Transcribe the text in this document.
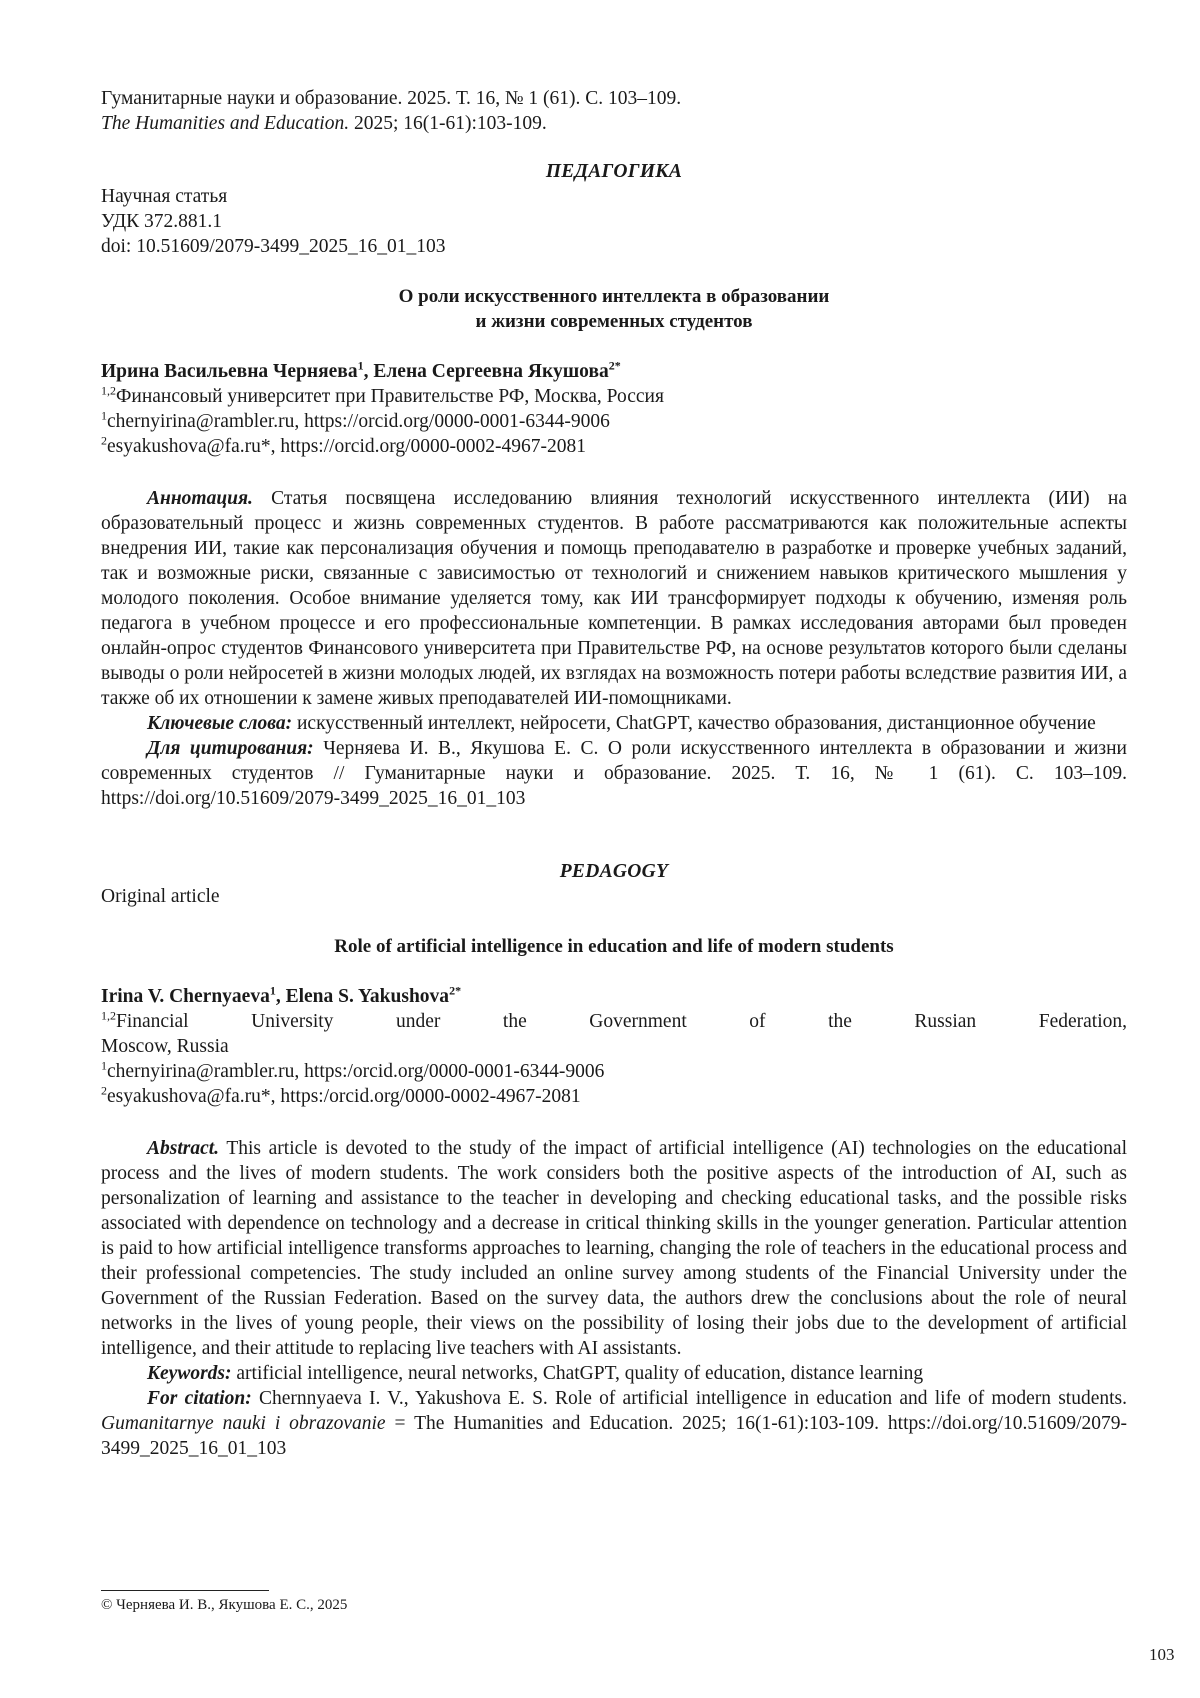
Гуманитарные науки и образование. 2025. Т. 16, № 1 (61). С. 103–109.
The Humanities and Education. 2025; 16(1-61):103-109.
ПЕДАГОГИКА
Научная статья
УДК 372.881.1
doi: 10.51609/2079-3499_2025_16_01_103
О роли искусственного интеллекта в образовании
и жизни современных студентов
Ирина Васильевна Черняева$^1$, Елена Сергеевна Якушова$^{2*}$
$^{1,2}$Финансовый университет при Правительстве РФ, Москва, Россия
$^1$chernyirina@rambler.ru, https://orcid.org/0000-0001-6344-9006
$^2$esyakushova@fa.ru*, https://orcid.org/0000-0002-4967-2081

Аннотация. Статья посвящена исследованию влияния технологий искусственного интеллекта (ИИ) на образовательный процесс и жизнь современных студентов. В работе рассматриваются как положительные аспекты внедрения ИИ, такие как персонализация обучения и помощь преподавателю в разработке и проверке учебных заданий, так и возможные риски, связанные с зависимостью от технологий и снижением навыков критического мышления у молодого поколения. Особое внимание уделяется тому, как ИИ трансформирует подходы к обучению, изменяя роль педагога в учебном процессе и его профессиональные компетенции. В рамках исследования авторами был проведен онлайн-опрос студентов Финансового университета при Правительстве РФ, на основе результатов которого были сделаны выводы о роли нейросетей в жизни молодых людей, их взглядах на возможность потери работы вследствие развития ИИ, а также об их отношении к замене живых преподавателей ИИ-помощниками.

Ключевые слова: искусственный интеллект, нейросети, ChatGPT, качество образования, дистанционное обучение

Для цитирования: Черняева И. В., Якушова Е. С. О роли искусственного интеллекта в образовании и жизни современных студентов // Гуманитарные науки и образование. 2025. Т. 16, № 1 (61). С. 103–109. https://doi.org/10.51609/2079-3499_2025_16_01_103

PEDAGOGY
Original article
Role of artificial intelligence in education and life of modern students
Irina V. Chernyaeva$^1$, Elena S. Yakushova$^{2*}$
$^{1,2}$Financial	University	under	the	Government	of	the	Russian	Federation,
Moscow, Russia
$^1$chernyirina@rambler.ru, https:/orcid.org/0000-0001-6344-9006
$^2$esyakushova@fa.ru*, https:/orcid.org/0000-0002-4967-2081

Abstract. This article is devoted to the study of the impact of artificial intelligence (AI) technologies on the educational process and the lives of modern students. The work considers both the positive aspects of the introduction of AI, such as personalization of learning and assistance to the teacher in developing and checking educational tasks, and the possible risks associated with dependence on technology and a decrease in critical thinking skills in the younger generation. Particular attention is paid to how artificial intelligence transforms approaches to learning, changing the role of teachers in the educational process and their professional competencies. The study included an online survey among students of the Financial University under the Government of the Russian Federation. Based on the survey data, the authors drew the conclusions about the role of neural networks in the lives of young people, their views on the possibility of losing their jobs due to the development of artificial intelligence, and their attitude to replacing live teachers with AI assistants.

Keywords: artificial intelligence, neural networks, ChatGPT, quality of education, distance learning

For citation: Chernnyaeva I. V., Yakushova E. S. Role of artificial intelligence in education and life of modern students. Gumanitarnye nauki i obrazovanie = The Humanities and Education. 2025; 16(1-61):103-109. https://doi.org/10.51609/2079-3499_2025_16_01_103

© Черняева И. В., Якушова Е. С., 2025
103
